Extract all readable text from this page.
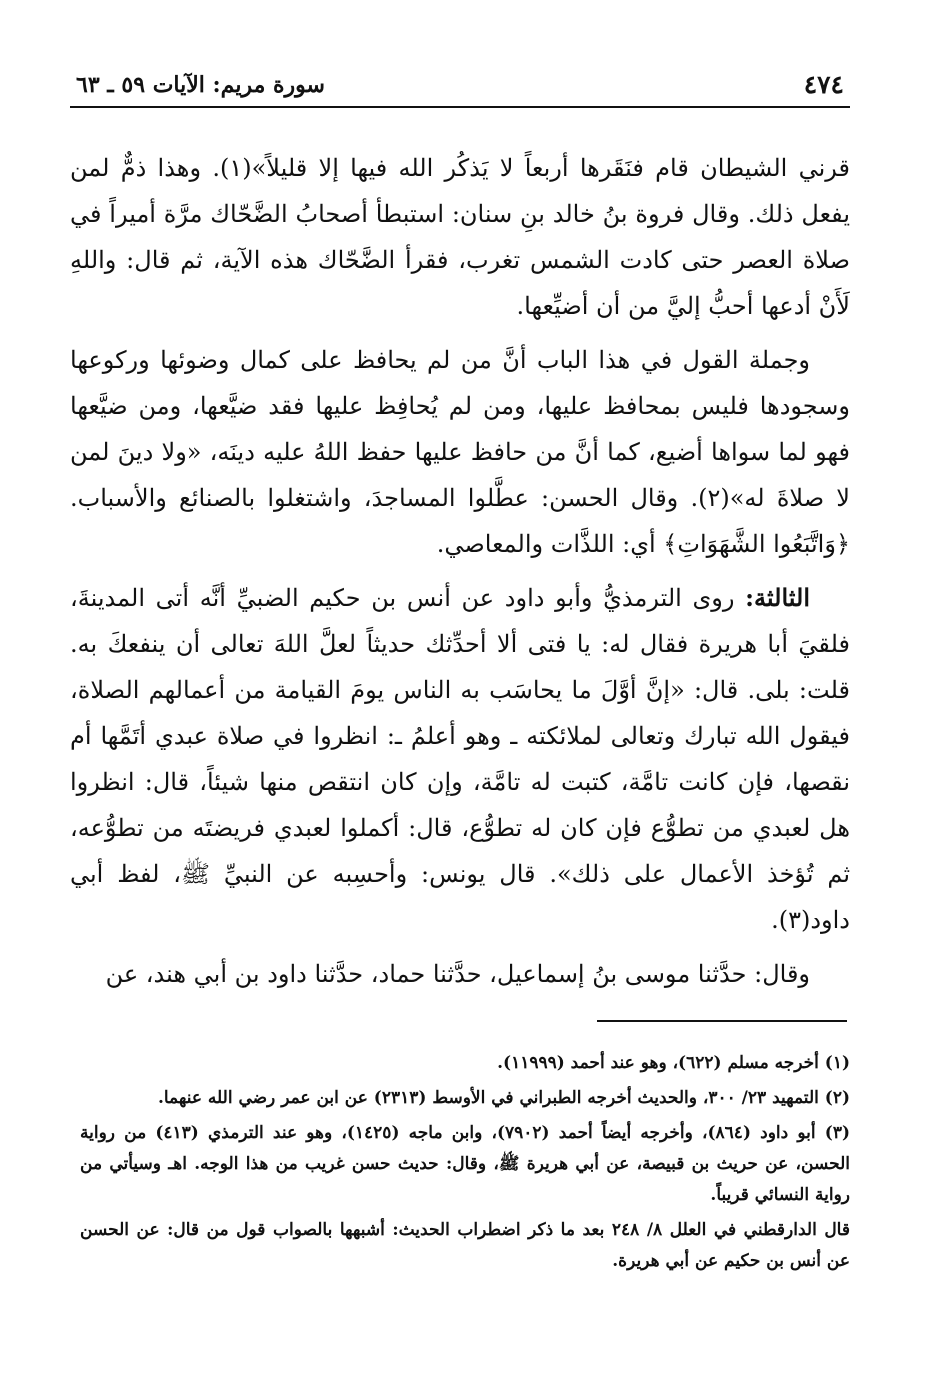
٤٧٤
سورة مريم: الآيات ٥٩ ـ ٦٣

قرني الشيطان قام فنَقَرها أربعاً لا يَذكُر الله فيها إلا قليلاً»(١). وهذا ذمٌّ لمن يفعل ذلك. وقال فروة بنُ خالد بنِ سنان: استبطأ أصحابُ الضَّحّاك مرَّة أميراً في صلاة العصر حتى كادت الشمس تغرب، فقرأ الضَّحّاك هذه الآية، ثم قال: واللهِ لَأَنْ أدعها أحبُّ إليَّ من أن أضيِّعها.

وجملة القول في هذا الباب أنَّ من لم يحافظ على كمال وضوئها وركوعها وسجودها فليس بمحافظ عليها، ومن لم يُحافِظ عليها فقد ضيَّعها، ومن ضيَّعها فهو لما سواها أضيع، كما أنَّ من حافظ عليها حفظ اللهُ عليه دينَه، «ولا دينَ لمن لا صلاةَ له»(٢). وقال الحسن: عطَّلوا المساجدَ، واشتغلوا بالصنائع والأسباب. ﴿وَاتَّبَعُوا الشَّهَوَاتِ﴾ أي: اللذَّات والمعاصي.

الثالثة: روى الترمذيُّ وأبو داود عن أنس بن حكيم الضبيِّ أنَّه أتى المدينةَ، فلقيَ أبا هريرة فقال له: يا فتى ألا أحدِّثك حديثاً لعلَّ اللهَ تعالى أن ينفعكَ به. قلت: بلى. قال: «إنَّ أوَّلَ ما يحاسَب به الناس يومَ القيامة من أعمالهم الصلاة، فيقول الله تبارك وتعالى لملائكته ـ وهو أعلمُ ـ: انظروا في صلاة عبدي أتَمَّها أم نقصها، فإن كانت تامَّة، كتبت له تامَّة، وإن كان انتقص منها شيئاً، قال: انظروا هل لعبدي من تطوُّع فإن كان له تطوُّع، قال: أكملوا لعبدي فريضتَه من تطوُّعه، ثم تُؤخذ الأعمال على ذلك». قال يونس: وأحسِبه عن النبيِّ ﷺ، لفظ أبي داود(٣).

وقال: حدَّثنا موسى بنُ إسماعيل، حدَّثنا حماد، حدَّثنا داود بن أبي هند، عن

(١) أخرجه مسلم (٦٢٢)، وهو عند أحمد (١١٩٩٩).

(٢) التمهيد ٢٣/ ٣٠٠، والحديث أخرجه الطبراني في الأوسط (٢٣١٣) عن ابن عمر رضي الله عنهما.

(٣) أبو داود (٨٦٤)، وأخرجه أيضاً أحمد (٧٩٠٢)، وابن ماجه (١٤٢٥)، وهو عند الترمذي (٤١٣) من رواية الحسن، عن حريث بن قبيصة، عن أبي هريرة ﷺ، وقال: حديث حسن غريب من هذا الوجه. اهـ وسيأتي من رواية النسائي قريباً.

قال الدارقطني في العلل ٨/ ٢٤٨ بعد ما ذكر اضطراب الحديث: أشبهها بالصواب قول من قال: عن الحسن عن أنس بن حكيم عن أبي هريرة.
